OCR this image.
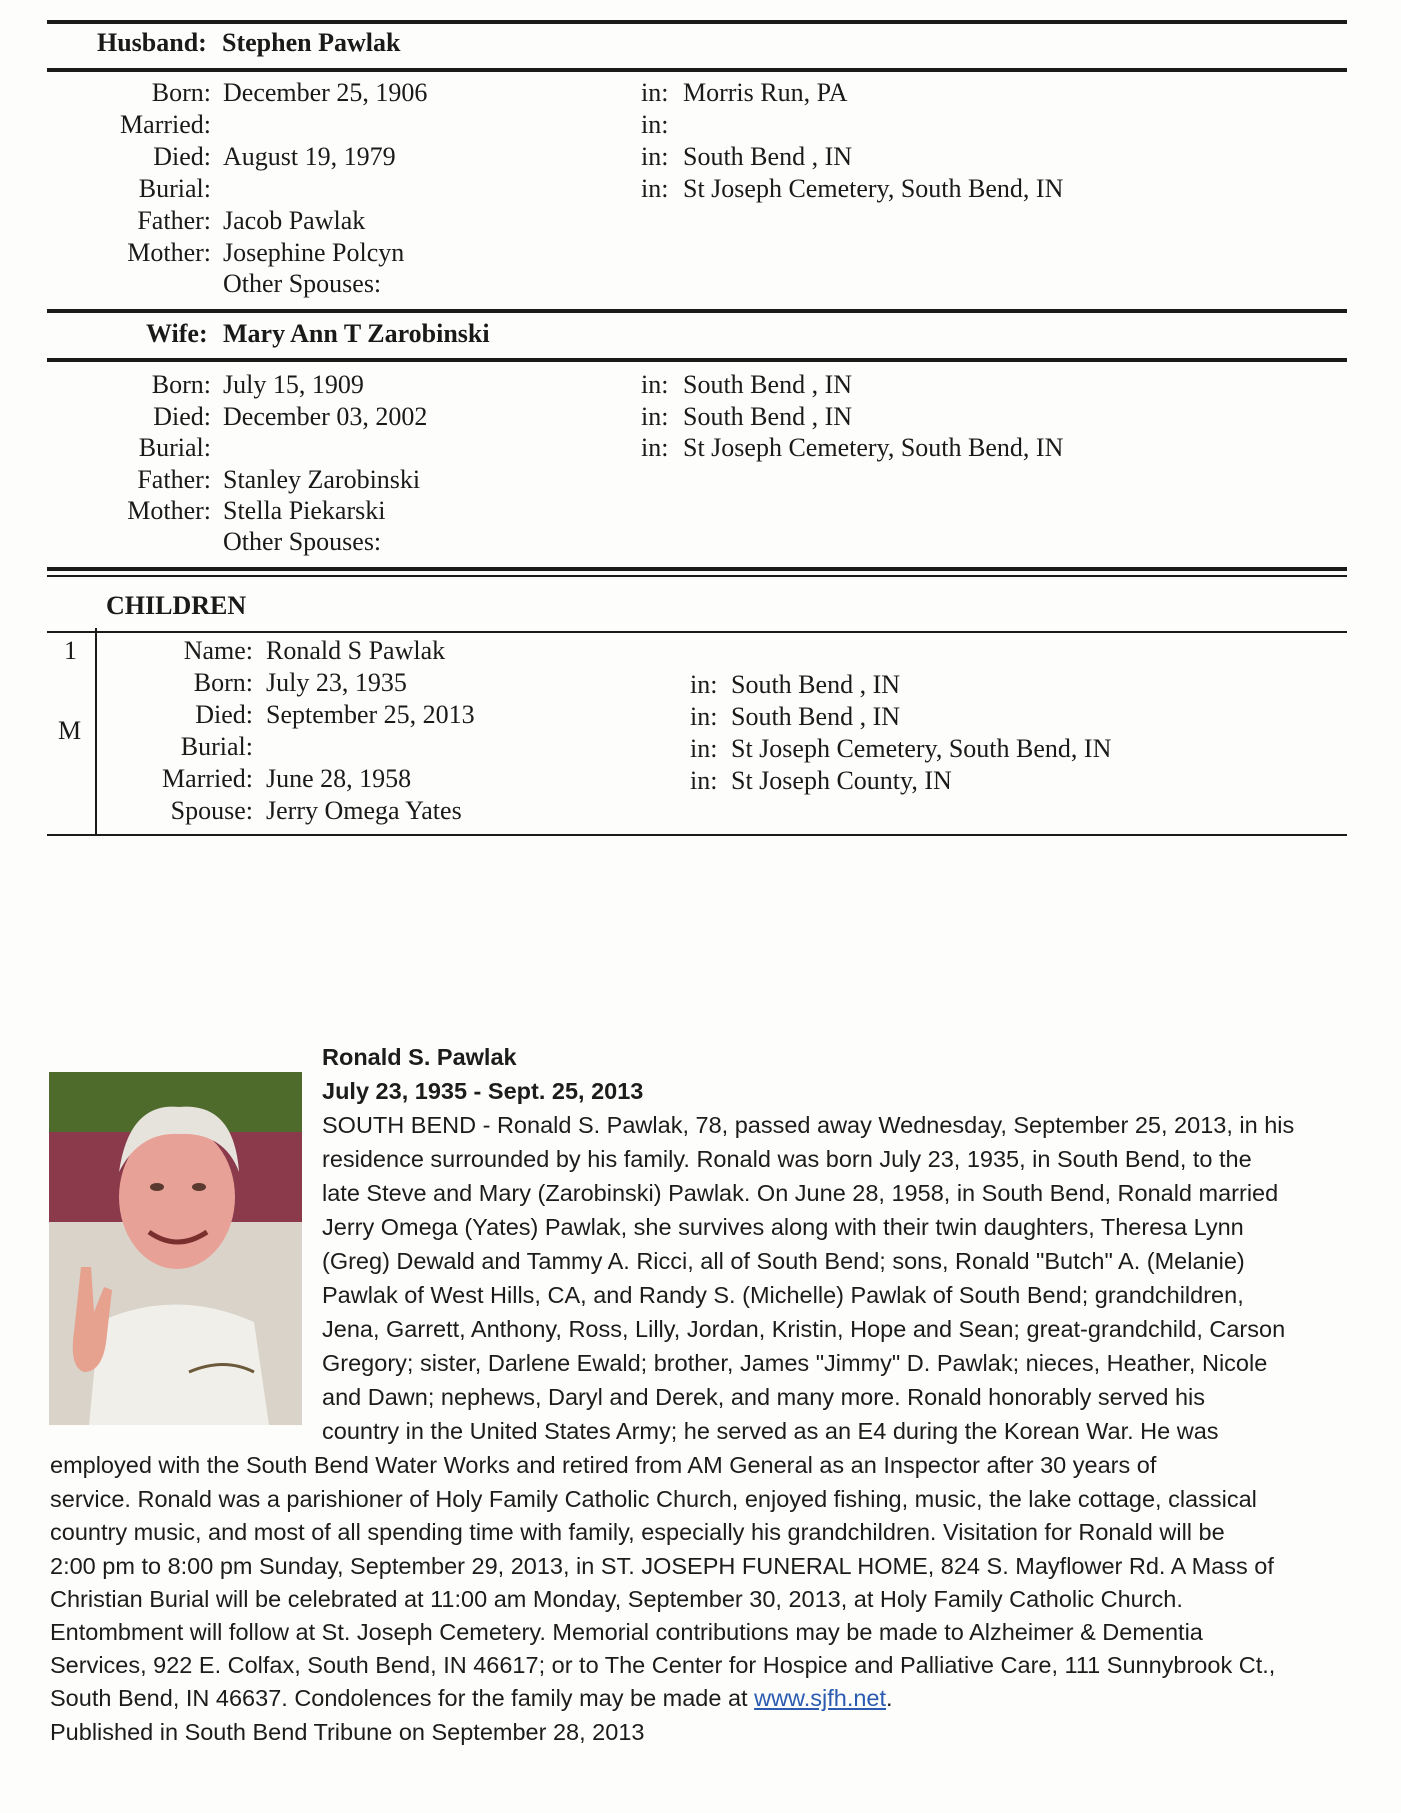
Husband: Stephen Pawlak
Born: December 25, 1906	in: Morris Run, PA
Married:	in:
Died: August 19, 1979	in: South Bend , IN
Burial:	in: St Joseph Cemetery, South Bend, IN
Father: Jacob Pawlak
Mother: Josephine Polcyn
Other Spouses:
Wife: Mary Ann T Zarobinski
Born: July 15, 1909	in: South Bend , IN
Died: December 03, 2002	in: South Bend , IN
Burial:	in: St Joseph Cemetery, South Bend, IN
Father: Stanley Zarobinski
Mother: Stella Piekarski
Other Spouses:
CHILDREN
1
M
Name: Ronald S Pawlak
Born: July 23, 1935	in: South Bend , IN
Died: September 25, 2013	in: South Bend , IN
Burial:	in: St Joseph Cemetery, South Bend, IN
Married: June 28, 1958	in: St Joseph County, IN
Spouse: Jerry Omega Yates
Ronald S. Pawlak
July 23, 1935 - Sept. 25, 2013
SOUTH BEND - Ronald S. Pawlak, 78, passed away Wednesday, September 25, 2013, in his
residence surrounded by his family. Ronald was born July 23, 1935, in South Bend, to the
late Steve and Mary (Zarobinski) Pawlak. On June 28, 1958, in South Bend, Ronald married
Jerry Omega (Yates) Pawlak, she survives along with their twin daughters, Theresa Lynn
(Greg) Dewald and Tammy A. Ricci, all of South Bend; sons, Ronald "Butch" A. (Melanie)
Pawlak of West Hills, CA, and Randy S. (Michelle) Pawlak of South Bend; grandchildren,
Jena, Garrett, Anthony, Ross, Lilly, Jordan, Kristin, Hope and Sean; great-grandchild, Carson
Gregory; sister, Darlene Ewald; brother, James "Jimmy" D. Pawlak; nieces, Heather, Nicole
and Dawn; nephews, Daryl and Derek, and many more. Ronald honorably served his
country in the United States Army; he served as an E4 during the Korean War. He was
employed with the South Bend Water Works and retired from AM General as an Inspector after 30 years of
service. Ronald was a parishioner of Holy Family Catholic Church, enjoyed fishing, music, the lake cottage, classical
country music, and most of all spending time with family, especially his grandchildren. Visitation for Ronald will be
2:00 pm to 8:00 pm Sunday, September 29, 2013, in ST. JOSEPH FUNERAL HOME, 824 S. Mayflower Rd. A Mass of
Christian Burial will be celebrated at 11:00 am Monday, September 30, 2013, at Holy Family Catholic Church.
Entombment will follow at St. Joseph Cemetery. Memorial contributions may be made to Alzheimer & Dementia
Services, 922 E. Colfax, South Bend, IN 46617; or to The Center for Hospice and Palliative Care, 111 Sunnybrook Ct.,
South Bend, IN 46637. Condolences for the family may be made at www.sjfh.net.
Published in South Bend Tribune on September 28, 2013
